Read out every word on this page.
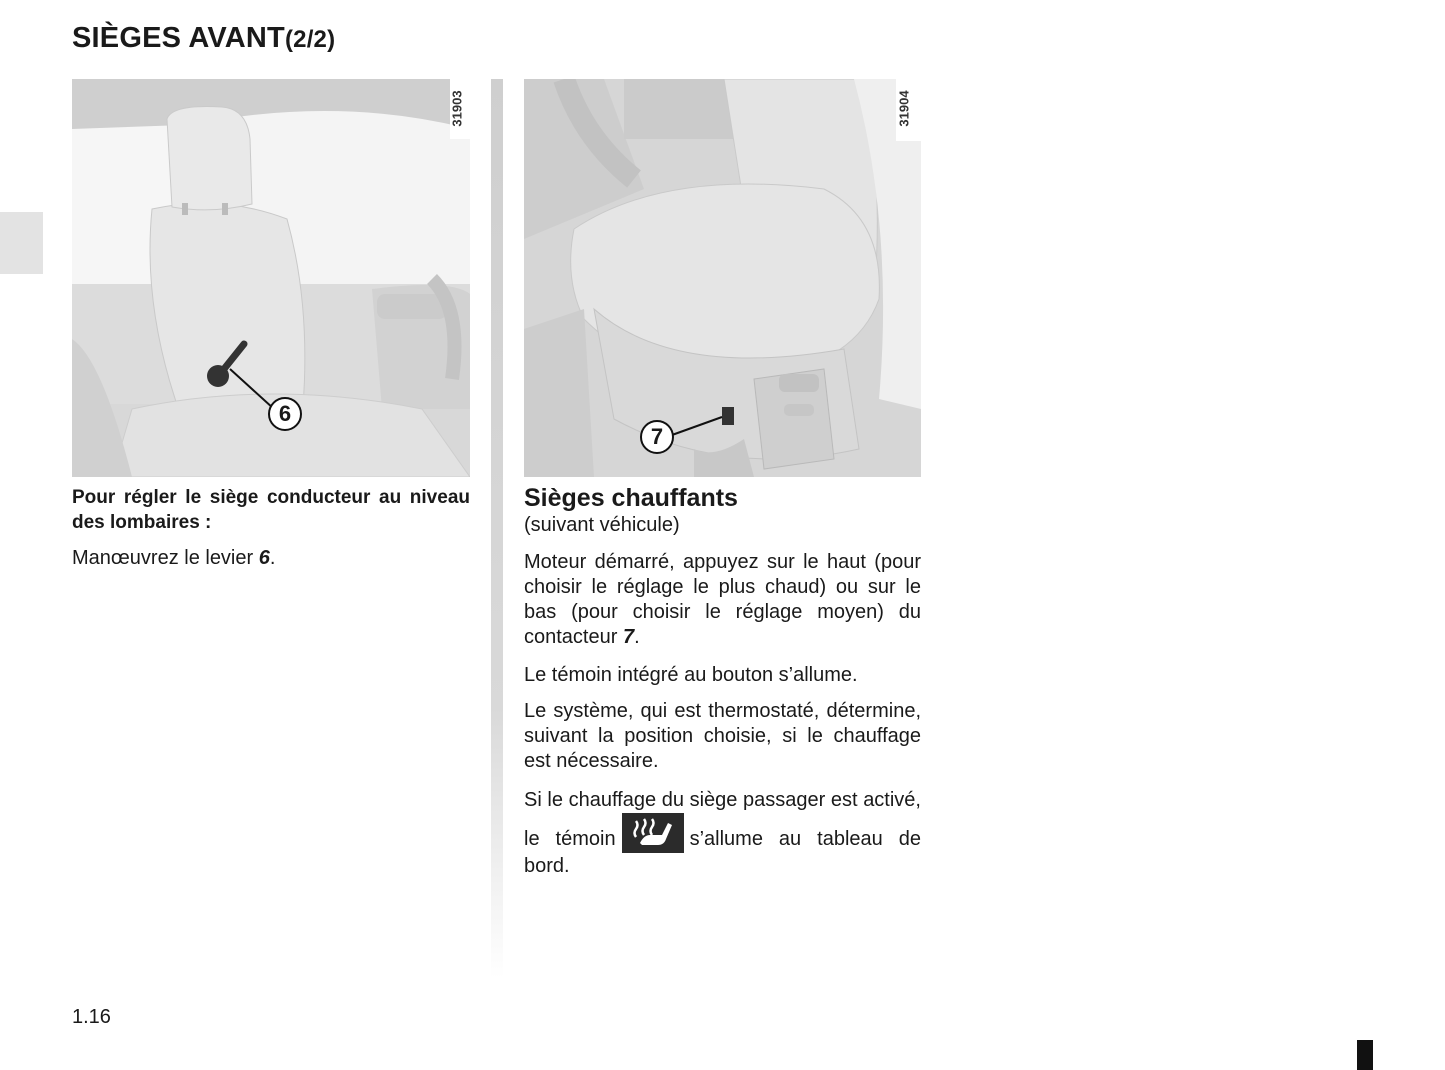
SIÈGES AVANT(2/2)
31903
6
31904
7
Pour régler le siège conducteur au niveau des lombaires :
Manœuvrez le levier 6.
Sièges chauffants
(suivant véhicule)
Moteur démarré, appuyez sur le haut (pour choisir le réglage le plus chaud) ou sur le bas (pour choisir le réglage moyen) du contacteur 7.
Le témoin intégré au bouton s’allume.
Le système, qui est thermostaté, détermine, suivant la position choisie, si le chauffage est nécessaire.
Si le chauffage du siège passager est activé, le témoin	s’allume au tableau de bord.
1.16
